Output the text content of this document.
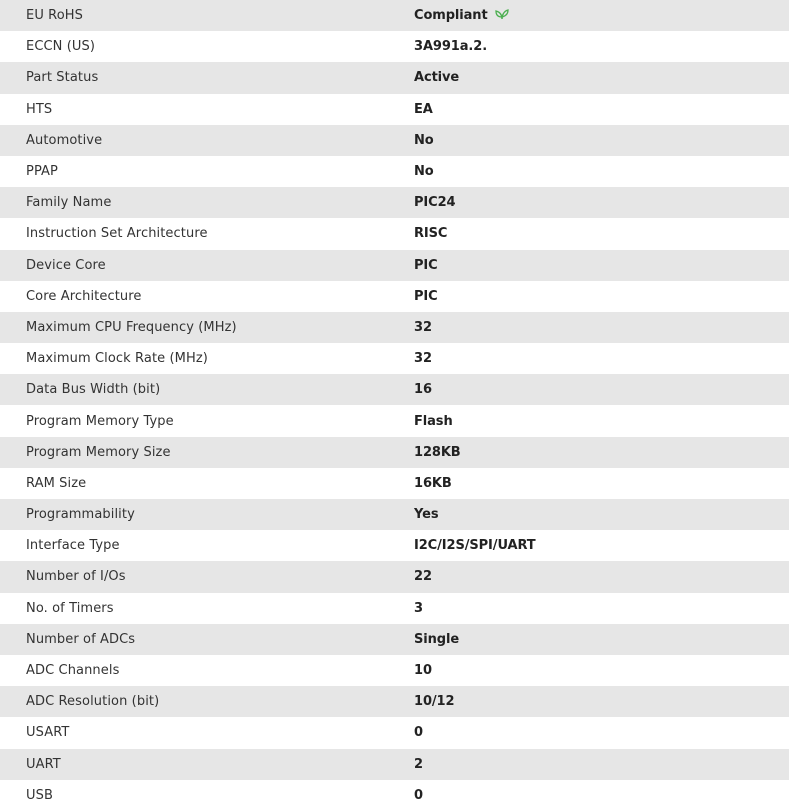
EU RoHS	Compliant
ECCN (US)	3A991a.2.
Part Status	Active
HTS	EA
Automotive	No
PPAP	No
Family Name	PIC24
Instruction Set Architecture	RISC
Device Core	PIC
Core Architecture	PIC
Maximum CPU Frequency (MHz)	32
Maximum Clock Rate (MHz)	32
Data Bus Width (bit)	16
Program Memory Type	Flash
Program Memory Size	128KB
RAM Size	16KB
Programmability	Yes
Interface Type	I2C/I2S/SPI/UART
Number of I/Os	22
No. of Timers	3
Number of ADCs	Single
ADC Channels	10
ADC Resolution (bit)	10/12
USART	0
UART	2
USB	0
